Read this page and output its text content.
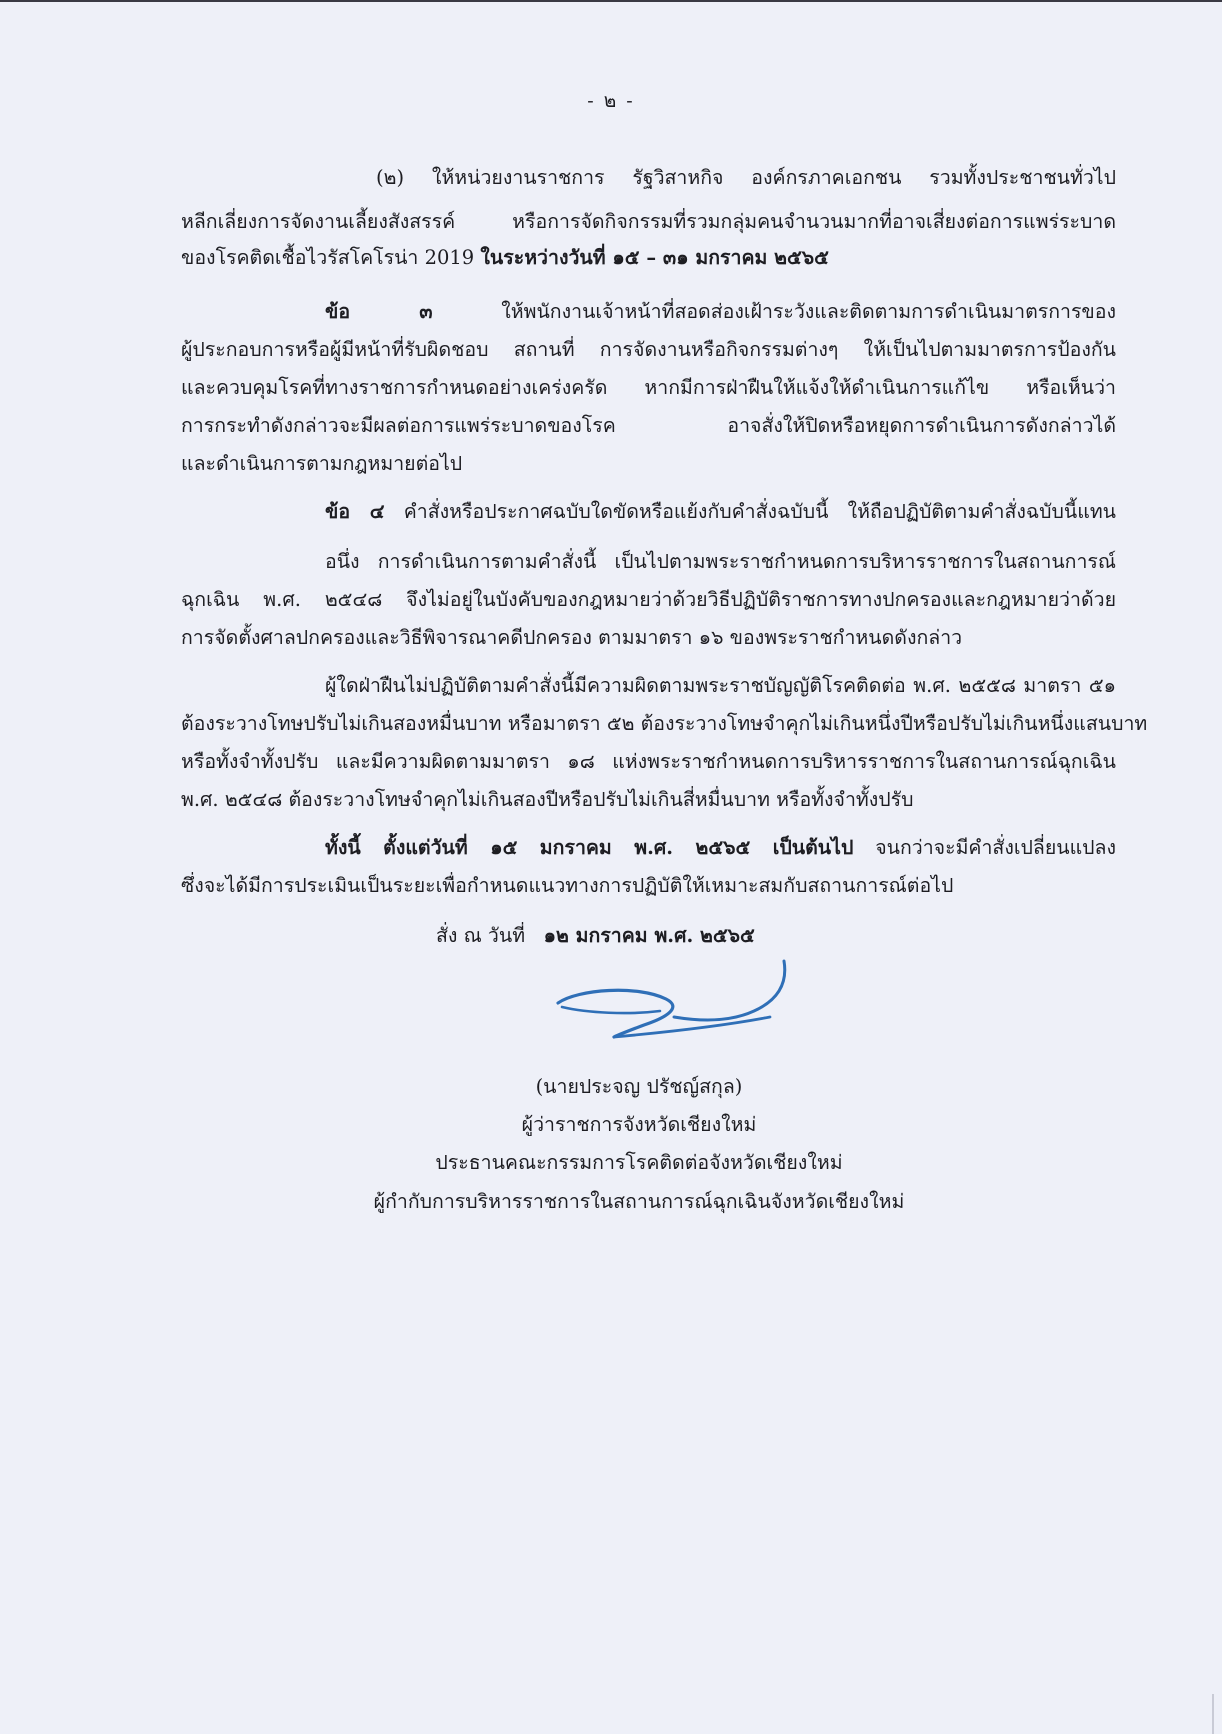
- ๒ -
(๒) ให้หน่วยงานราชการ รัฐวิสาหกิจ องค์กรภาคเอกชน รวมทั้งประชาชนทั่วไป
หลีกเลี่ยงการจัดงานเลี้ยงสังสรรค์ หรือการจัดกิจกรรมที่รวมกลุ่มคนจำนวนมากที่อาจเสี่ยงต่อการแพร่ระบาด
ของโรคติดเชื้อไวรัสโคโรน่า 2019 ในระหว่างวันที่ ๑๕ – ๓๑ มกราคม ๒๕๖๕
ข้อ ๓ ให้พนักงานเจ้าหน้าที่สอดส่องเฝ้าระวังและติดตามการดำเนินมาตรการของ
ผู้ประกอบการหรือผู้มีหน้าที่รับผิดชอบ สถานที่ การจัดงานหรือกิจกรรมต่างๆ ให้เป็นไปตามมาตรการป้องกัน
และควบคุมโรคที่ทางราชการกำหนดอย่างเคร่งครัด หากมีการฝ่าฝืนให้แจ้งให้ดำเนินการแก้ไข หรือเห็นว่า
การกระทำดังกล่าวจะมีผลต่อการแพร่ระบาดของโรค อาจสั่งให้ปิดหรือหยุดการดำเนินการดังกล่าวได้
และดำเนินการตามกฎหมายต่อไป
ข้อ ๔ คำสั่งหรือประกาศฉบับใดขัดหรือแย้งกับคำสั่งฉบับนี้ ให้ถือปฏิบัติตามคำสั่งฉบับนี้แทน
อนึ่ง การดำเนินการตามคำสั่งนี้ เป็นไปตามพระราชกำหนดการบริหารราชการในสถานการณ์
ฉุกเฉิน พ.ศ. ๒๕๔๘ จึงไม่อยู่ในบังคับของกฎหมายว่าด้วยวิธีปฏิบัติราชการทางปกครองและกฎหมายว่าด้วย
การจัดตั้งศาลปกครองและวิธีพิจารณาคดีปกครอง ตามมาตรา ๑๖ ของพระราชกำหนดดังกล่าว
ผู้ใดฝ่าฝืนไม่ปฏิบัติตามคำสั่งนี้มีความผิดตามพระราชบัญญัติโรคติดต่อ พ.ศ. ๒๕๕๘ มาตรา ๕๑
ต้องระวางโทษปรับไม่เกินสองหมื่นบาท หรือมาตรา ๕๒ ต้องระวางโทษจำคุกไม่เกินหนึ่งปีหรือปรับไม่เกินหนึ่งแสนบาท
หรือทั้งจำทั้งปรับ และมีความผิดตามมาตรา ๑๘ แห่งพระราชกำหนดการบริหารราชการในสถานการณ์ฉุกเฉิน
พ.ศ. ๒๕๔๘ ต้องระวางโทษจำคุกไม่เกินสองปีหรือปรับไม่เกินสี่หมื่นบาท หรือทั้งจำทั้งปรับ
ทั้งนี้ ตั้งแต่วันที่ ๑๕ มกราคม พ.ศ. ๒๕๖๕ เป็นต้นไป จนกว่าจะมีคำสั่งเปลี่ยนแปลง
ซึ่งจะได้มีการประเมินเป็นระยะเพื่อกำหนดแนวทางการปฏิบัติให้เหมาะสมกับสถานการณ์ต่อไป
สั่ง ณ วันที่ ๑๒ มกราคม พ.ศ. ๒๕๖๕
(นายประจญ ปรัชญ์สกุล)
ผู้ว่าราชการจังหวัดเชียงใหม่
ประธานคณะกรรมการโรคติดต่อจังหวัดเชียงใหม่
ผู้กำกับการบริหารราชการในสถานการณ์ฉุกเฉินจังหวัดเชียงใหม่
